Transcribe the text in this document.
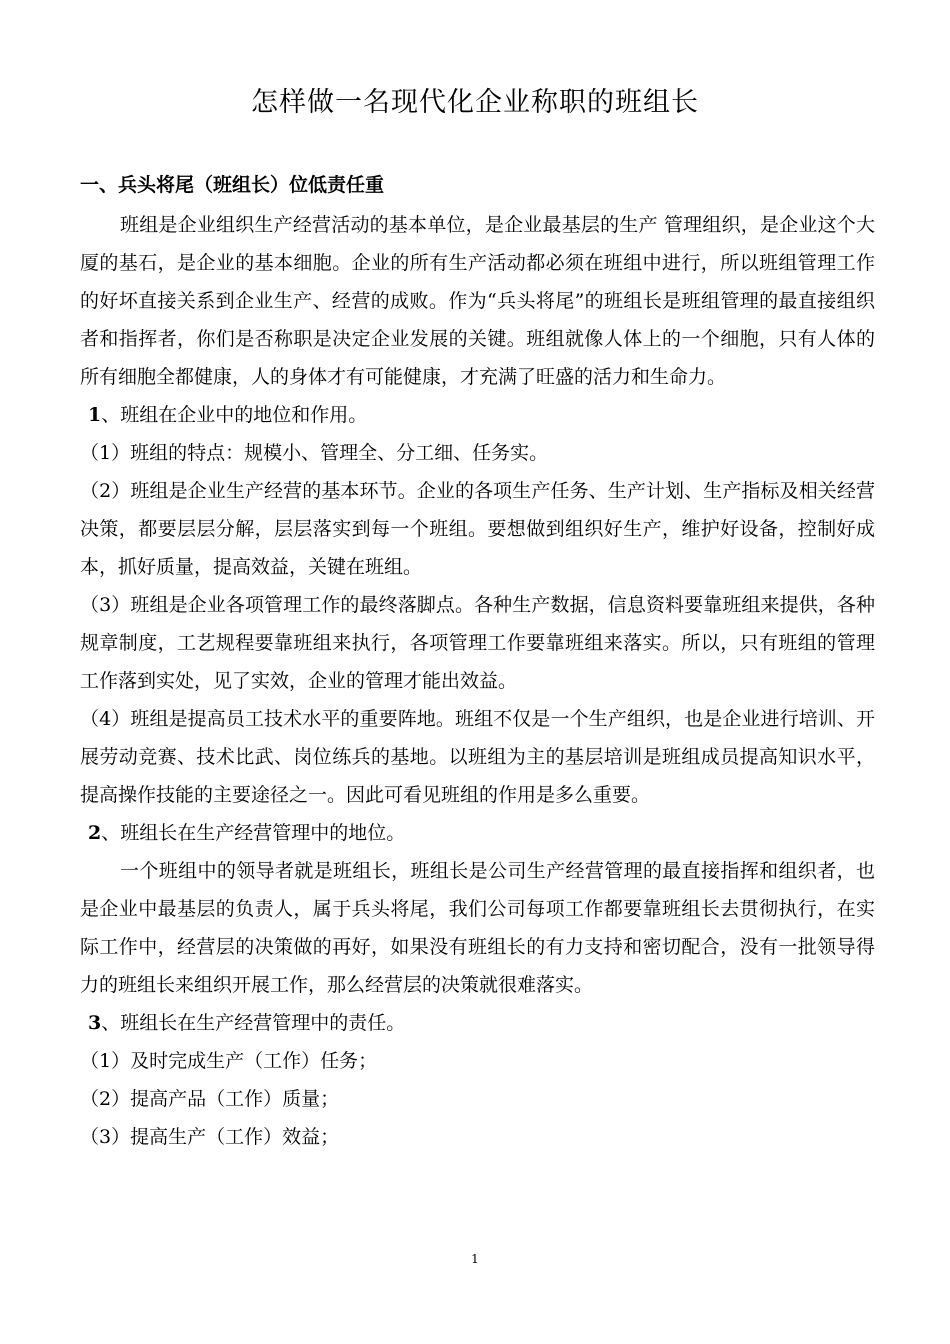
怎样做一名现代化企业称职的班组长
一、兵头将尾（班组长）位低责任重

班组是企业组织生产经营活动的基本单位，是企业最基层的生产 管理组织，是企业这个大厦的基石，是企业的基本细胞。企业的所有生产活动都必须在班组中进行，所以班组管理工作的好坏直接关系到企业生产、经营的成败。作为“兵头将尾”的班组长是班组管理的最直接组织者和指挥者，你们是否称职是决定企业发展的关键。班组就像人体上的一个细胞，只有人体的所有细胞全都健康，人的身体才有可能健康，才充满了旺盛的活力和生命力。

1、班组在企业中的地位和作用。

（1）班组的特点：规模小、管理全、分工细、任务实。

（2）班组是企业生产经营的基本环节。企业的各项生产任务、生产计划、生产指标及相关经营决策，都要层层分解，层层落实到每一个班组。要想做到组织好生产，维护好设备，控制好成本，抓好质量，提高效益，关键在班组。

（3）班组是企业各项管理工作的最终落脚点。各种生产数据，信息资料要靠班组来提供，各种规章制度，工艺规程要靠班组来执行，各项管理工作要靠班组来落实。所以，只有班组的管理工作落到实处，见了实效，企业的管理才能出效益。

（4）班组是提高员工技术水平的重要阵地。班组不仅是一个生产组织，也是企业进行培训、开展劳动竞赛、技术比武、岗位练兵的基地。以班组为主的基层培训是班组成员提高知识水平，提高操作技能的主要途径之一。因此可看见班组的作用是多么重要。

2、班组长在生产经营管理中的地位。

一个班组中的领导者就是班组长，班组长是公司生产经营管理的最直接指挥和组织者，也是企业中最基层的负责人，属于兵头将尾，我们公司每项工作都要靠班组长去贯彻执行，在实际工作中，经营层的决策做的再好，如果没有班组长的有力支持和密切配合，没有一批领导得力的班组长来组织开展工作，那么经营层的决策就很难落实。

3、班组长在生产经营管理中的责任。

（1）及时完成生产（工作）任务；

（2）提高产品（工作）质量；

（3）提高生产（工作）效益；

1
